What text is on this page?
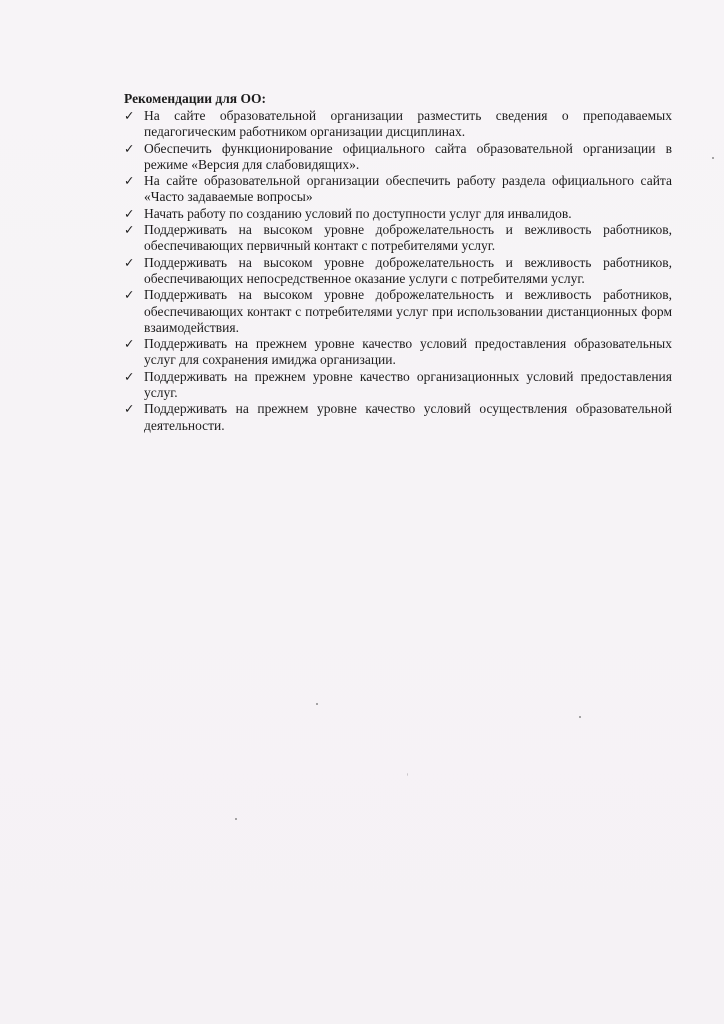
Рекомендации для ОО:
✓ На сайте образовательной организации разместить сведения о преподаваемых педагогическим работником организации дисциплинах.
✓ Обеспечить функционирование официального сайта образовательной организации в режиме «Версия для слабовидящих».
✓ На сайте образовательной организации обеспечить работу раздела официального сайта «Часто задаваемые вопросы»
✓ Начать работу по созданию условий по доступности услуг для инвалидов.
✓ Поддерживать на высоком уровне доброжелательность и вежливость работников, обеспечивающих первичный контакт с потребителями услуг.
✓ Поддерживать на высоком уровне доброжелательность и вежливость работников, обеспечивающих непосредственное оказание услуги с потребителями услуг.
✓ Поддерживать на высоком уровне доброжелательность и вежливость работников, обеспечивающих контакт с потребителями услуг при использовании дистанционных форм взаимодействия.
✓ Поддерживать на прежнем уровне качество условий предоставления образовательных услуг для сохранения имиджа организации.
✓ Поддерживать на прежнем уровне качество организационных условий предоставления услуг.
✓ Поддерживать на прежнем уровне качество условий осуществления образовательной деятельности.
